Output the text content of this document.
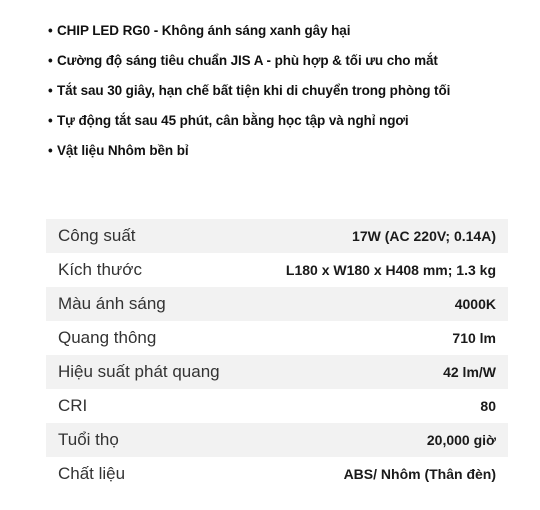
• CHIP LED RG0 - Không ánh sáng xanh gây hại
• Cường độ sáng tiêu chuẩn JIS A - phù hợp & tối ưu cho mắt
• Tắt sau 30 giây, hạn chế bất tiện khi di chuyển trong phòng tối
• Tự động tắt sau 45 phút, cân bằng học tập và nghỉ ngơi
• Vật liệu Nhôm bền bỉ
Công suất	17W (AC 220V; 0.14A)
Kích thước	L180 x W180 x H408 mm; 1.3 kg
Màu ánh sáng	4000K
Quang thông	710 lm
Hiệu suất phát quang	42 lm/W
CRI	80
Tuổi thọ	20,000 giờ
Chất liệu	ABS/ Nhôm (Thân đèn)
